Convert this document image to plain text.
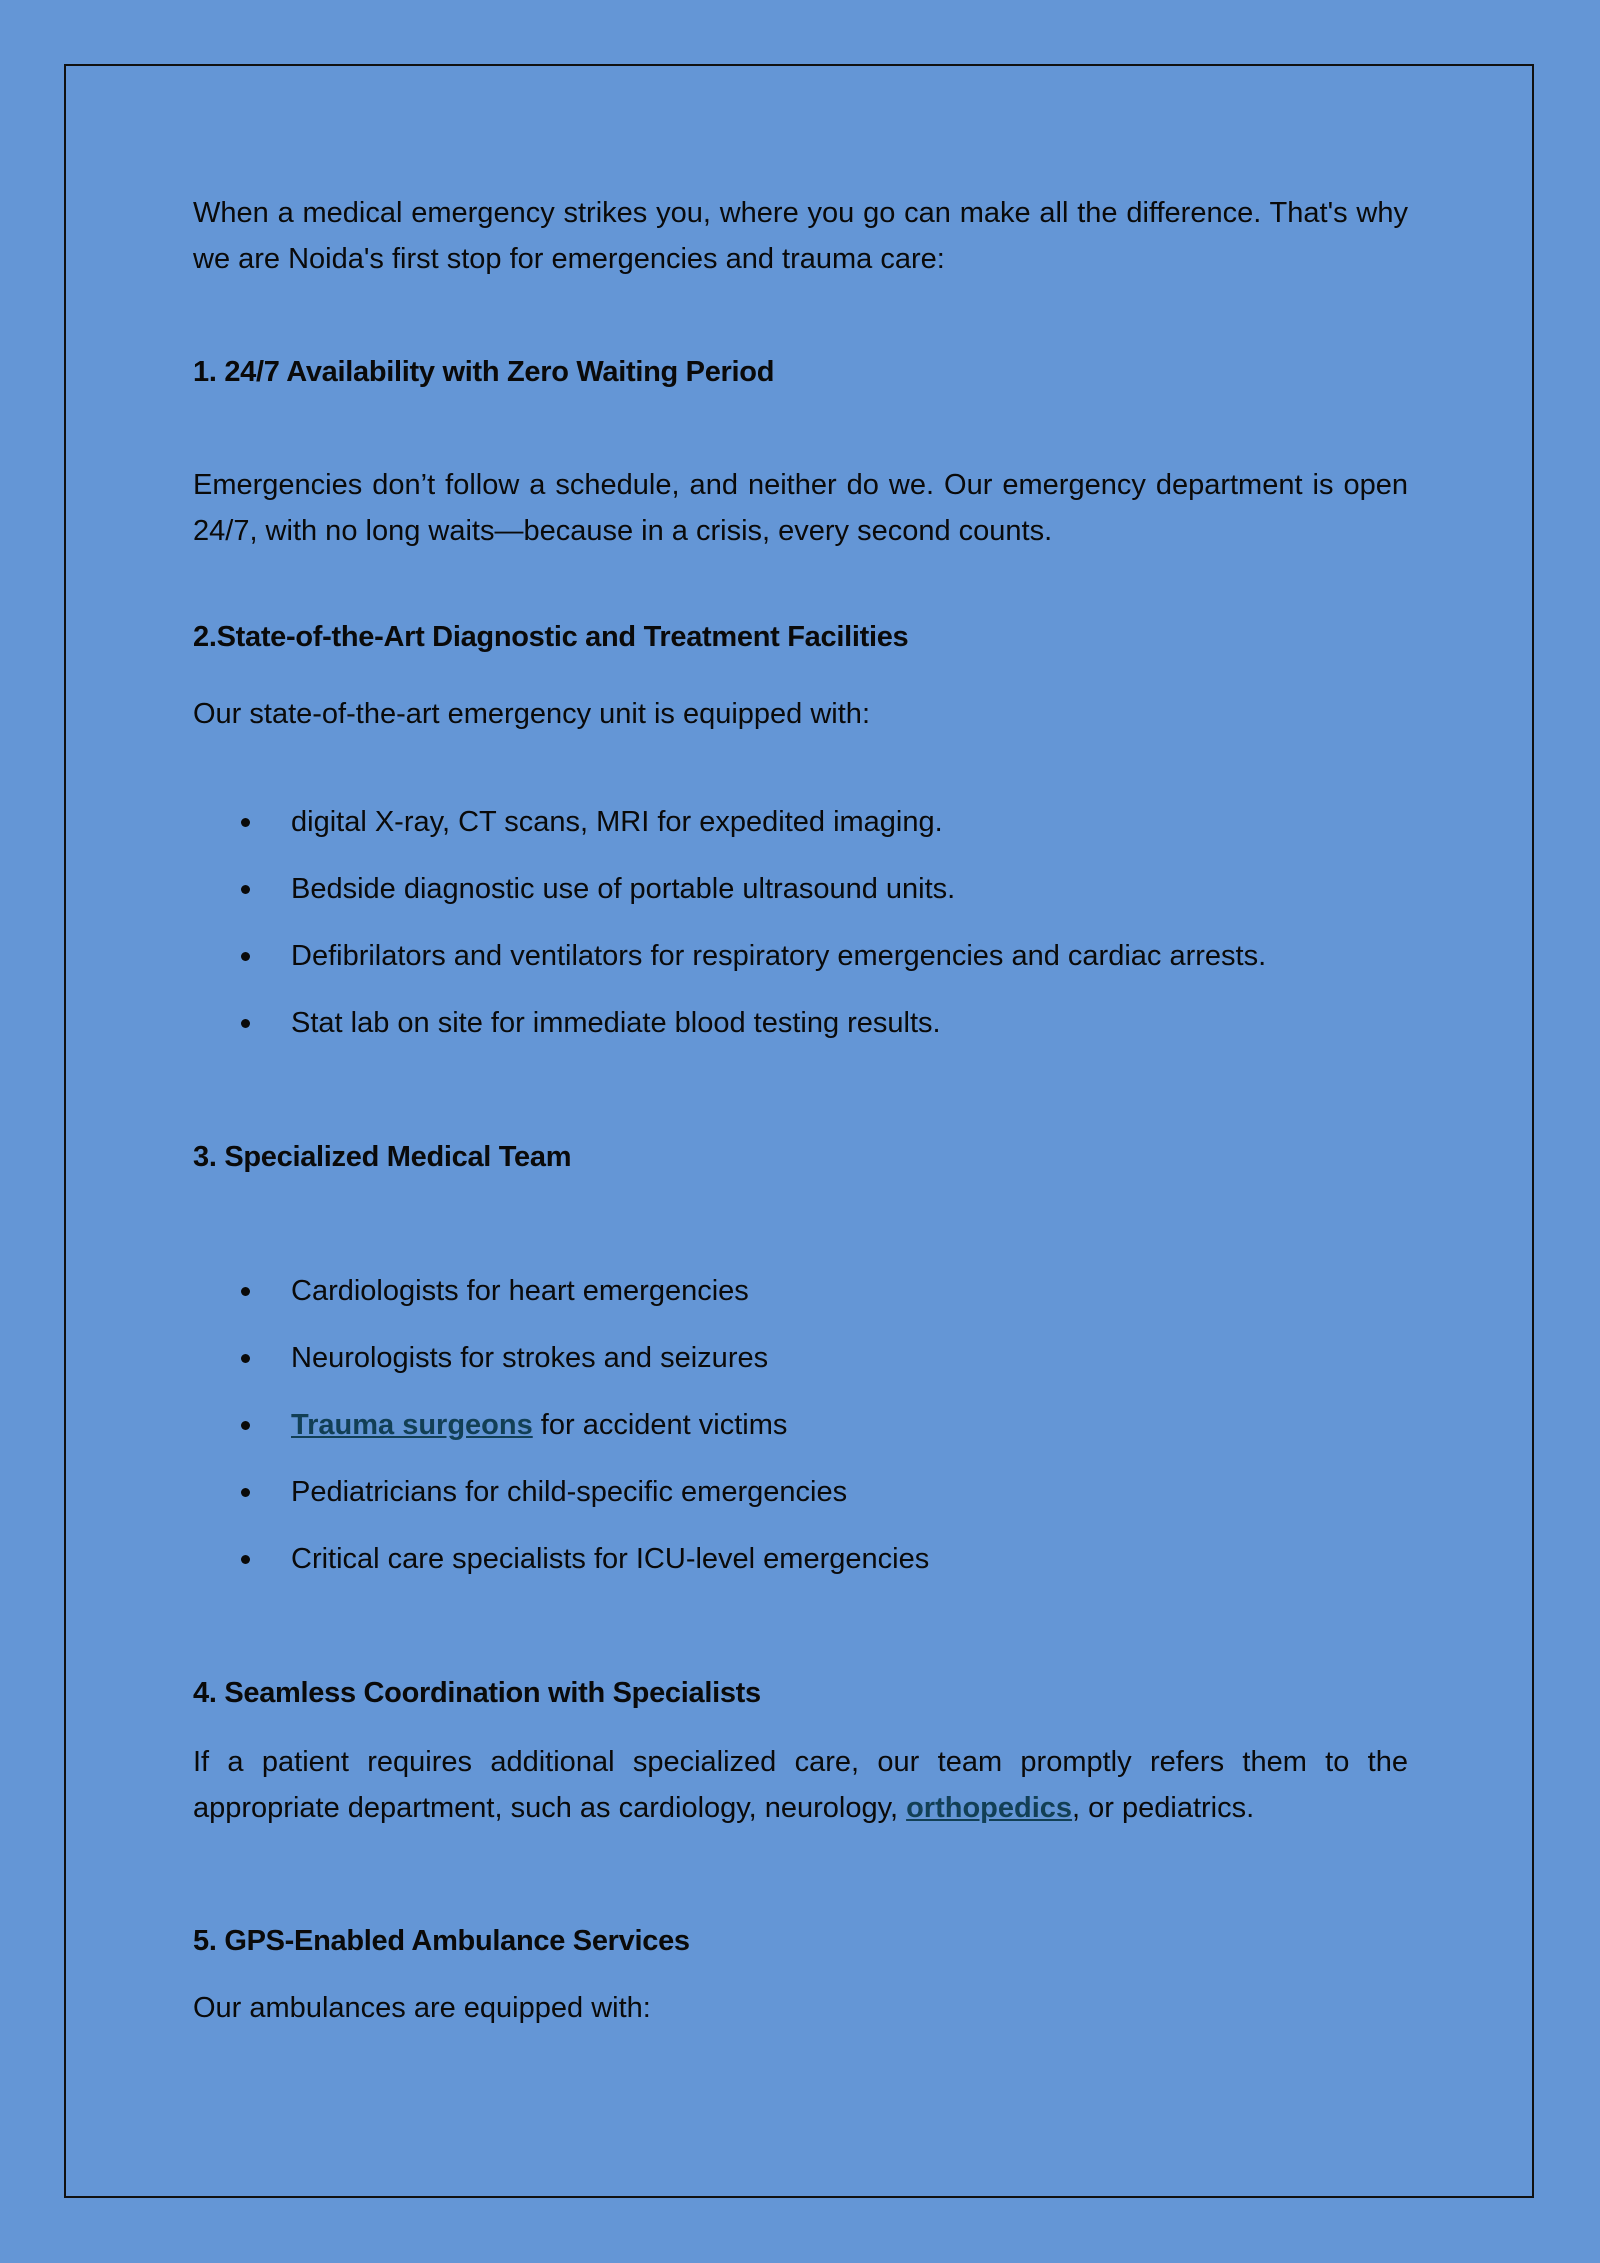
When a medical emergency strikes you, where you go can make all the difference. That's why we are Noida's first stop for emergencies and trauma care:

1. 24/7 Availability with Zero Waiting Period

Emergencies don’t follow a schedule, and neither do we. Our emergency department is open 24/7, with no long waits—because in a crisis, every second counts.

2.State-of-the-Art Diagnostic and Treatment Facilities

Our state-of-the-art emergency unit is equipped with:

digital X-ray, CT scans, MRI for expedited imaging.
Bedside diagnostic use of portable ultrasound units.
Defibrilators and ventilators for respiratory emergencies and cardiac arrests.
Stat lab on site for immediate blood testing results.
3. Specialized Medical Team
Cardiologists for heart emergencies
Neurologists for strokes and seizures
Trauma surgeons for accident victims
Pediatricians for child-specific emergencies
Critical care specialists for ICU-level emergencies
4. Seamless Coordination with Specialists

If a patient requires additional specialized care, our team promptly refers them to the appropriate department, such as cardiology, neurology, orthopedics, or pediatrics.

5. GPS-Enabled Ambulance Services

Our ambulances are equipped with:
